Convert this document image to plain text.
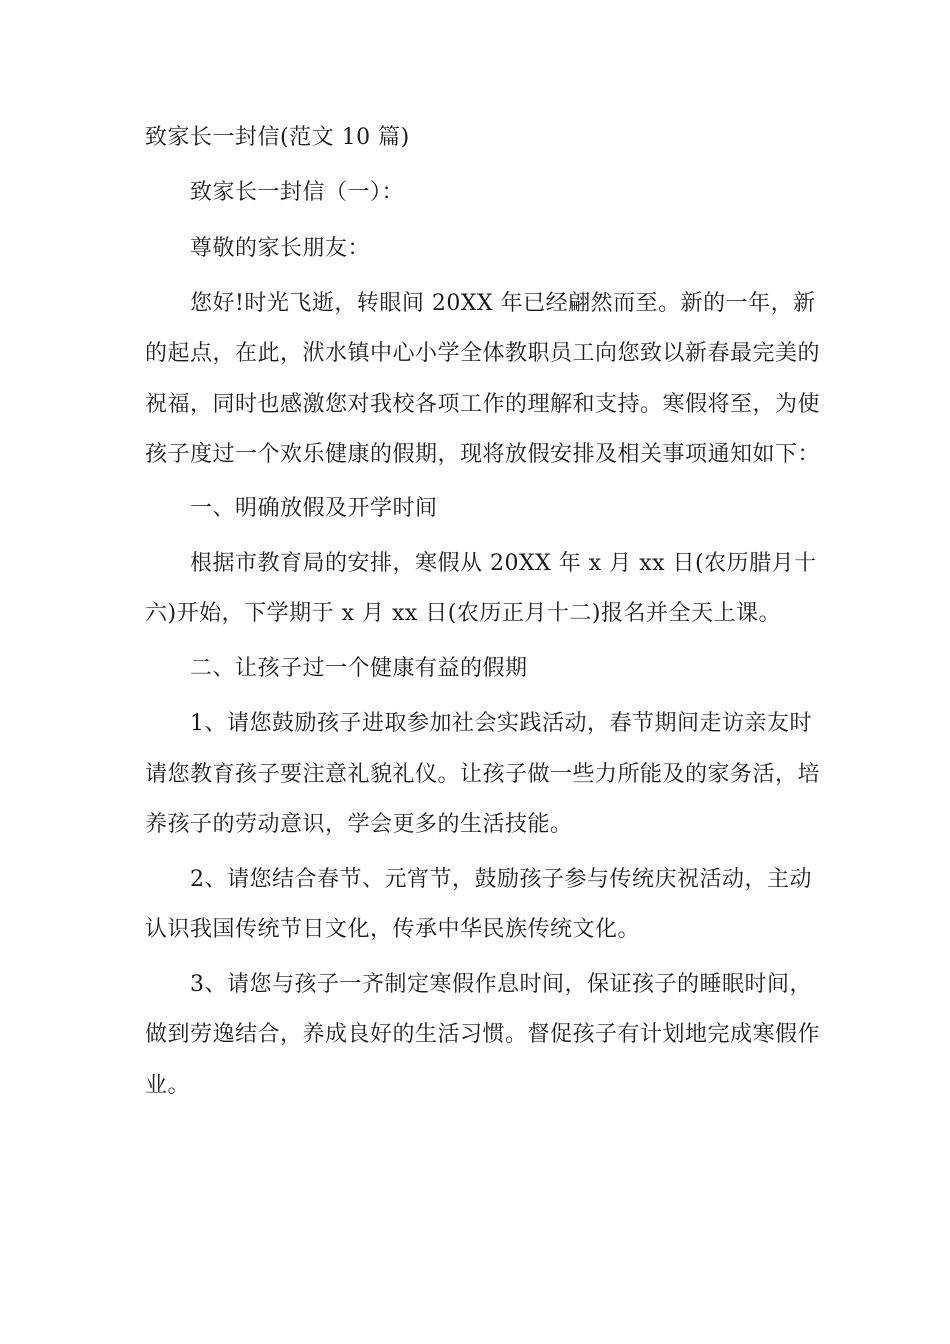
致家长一封信(范文 10 篇)
致家长一封信（一）：
尊敬的家长朋友：
您好!时光飞逝，转眼间 20XX 年已经翩然而至。新的一年，新
的起点，在此，洑水镇中心小学全体教职员工向您致以新春最完美的
祝福，同时也感激您对我校各项工作的理解和支持。寒假将至，为使
孩子度过一个欢乐健康的假期，现将放假安排及相关事项通知如下：
一、明确放假及开学时间
根据市教育局的安排，寒假从 20XX 年 x 月 xx 日(农历腊月十
六)开始，下学期于 x 月 xx 日(农历正月十二)报名并全天上课。
二、让孩子过一个健康有益的假期
1、请您鼓励孩子进取参加社会实践活动，春节期间走访亲友时
请您教育孩子要注意礼貌礼仪。让孩子做一些力所能及的家务活，培
养孩子的劳动意识，学会更多的生活技能。
2、请您结合春节、元宵节，鼓励孩子参与传统庆祝活动，主动
认识我国传统节日文化，传承中华民族传统文化。
3、请您与孩子一齐制定寒假作息时间，保证孩子的睡眠时间，
做到劳逸结合，养成良好的生活习惯。督促孩子有计划地完成寒假作
业。
